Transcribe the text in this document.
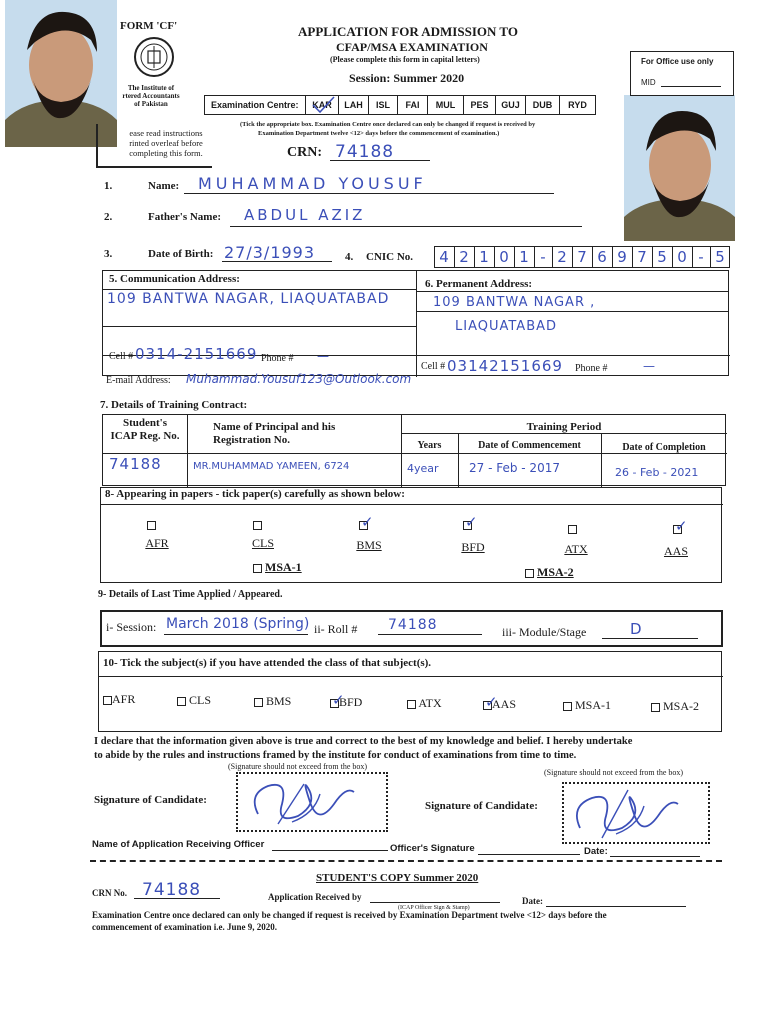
FORM 'CF'
The Institute of
rtered Accountants
of Pakistan
APPLICATION FOR ADMISSION TO
CFAP/MSA EXAMINATION
(Please complete this form in capital letters)
Session: Summer 2020
For Office use only
MID
Examination Centre:	KAR	LAH	ISL	FAI	MUL	PES	GUJ	DUB	RYD
(Tick the appropriate box. Examination Centre once declared can only be changed if request is received by
Examination Department twelve <12> days before the commencement of examination.)
ease read instructions
rinted overleaf before
completing this form.	CRN: 74188
1.	Name: MUHAMMAD YOUSUF
2.	Father's Name: ABDUL AZIZ
3.	Date of Birth: 27/3/1993	4. CNIC No.	4 2 1 0 1 - 2 7 6 9 7 5 0 - 5
5. Communication Address:
109 BANTWA NAGAR, LIAQUATABAD
Cell # 0314-2151669 Phone # —
6. Permanent Address:
109 BANTWA NAGAR ,
LIAQUATABAD
Cell # 03142151669 Phone #	—
E-mail Address: Muhammad.Yousuf123@Outlook.com
7. Details of Training Contract:
Student's
ICAP Reg. No.
Name of Principal and his
Registration No.
Training Period
Years	Date of Commencement	Date of Completion
74188	MR.MUHAMMAD YAMEEN, 6724	4year	27 - Feb - 2017	26 - Feb - 2021
8- Appearing in papers - tick paper(s) carefully as shown below:
AFR	CLS
✓	BMS
✓	BFD	ATX
✓	AAS
MSA-1	MSA-2
9- Details of Last Time Applied / Appeared.
i- Session: March 2018 (Spring) ii- Roll # 74188	iii- Module/Stage	D
10- Tick the subject(s) if you have attended the class of that subject(s).
AFR	CLS	BMS ✓	BFD	ATX ✓	AAS	MSA-1	MSA-2
I declare that the information given above is true and correct to the best of my knowledge and belief. I hereby undertake
to abide by the rules and instructions framed by the institute for conduct of examinations from time to time.
(Signature should not exceed from the box)
(Signature should not exceed from the box)
Signature of Candidate:	Signature of Candidate:
Name of Application Receiving Officer	Officer's Signature	Date:
STUDENT'S COPY Summer 2020
CRN No. 74188	Application Received by
(ICAP Officer Sign & Stamp)
Date:
Examination Centre once declared can only be changed if request is received by Examination Department twelve <12> days before the
commencement of examination i.e. June 9, 2020.
